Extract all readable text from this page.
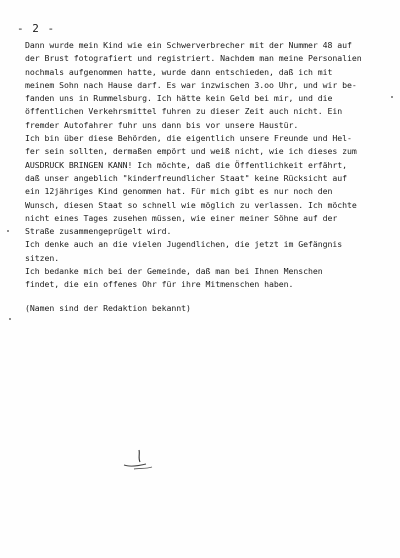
- 2 -
Dann wurde mein Kind wie ein Schwerverbrecher mit der Nummer 48 auf
der Brust fotografiert und registriert. Nachdem man meine Personalien
nochmals aufgenommen hatte, wurde dann entschieden, daß ich mit
meinem Sohn nach Hause darf. Es war inzwischen 3.oo Uhr, und wir be-
fanden uns in Rummelsburg. Ich hätte kein Geld bei mir, und die
öffentlichen Verkehrsmittel fuhren zu dieser Zeit auch nicht. Ein
fremder Autofahrer fuhr uns dann bis vor unsere Haustür.
Ich bin über diese Behörden, die eigentlich unsere Freunde und Hel-
fer sein sollten, dermaßen empört und weiß nicht, wie ich dieses zum
AUSDRUCK BRINGEN KANN! Ich möchte, daß die Öffentlichkeit erfährt,
daß unser angeblich "kinderfreundlicher Staat" keine Rücksicht auf
ein 12jähriges Kind genommen hat. Für mich gibt es nur noch den
Wunsch, diesen Staat so schnell wie möglich zu verlassen. Ich möchte
nicht eines Tages zusehen müssen, wie einer meiner Söhne auf der
Straße zusammengeprügelt wird.
Ich denke auch an die vielen Jugendlichen, die jetzt im Gefängnis
sitzen.
Ich bedanke mich bei der Gemeinde, daß man bei Ihnen Menschen
findet, die ein offenes Ohr für ihre Mitmenschen haben.
(Namen sind der Redaktion bekannt)
